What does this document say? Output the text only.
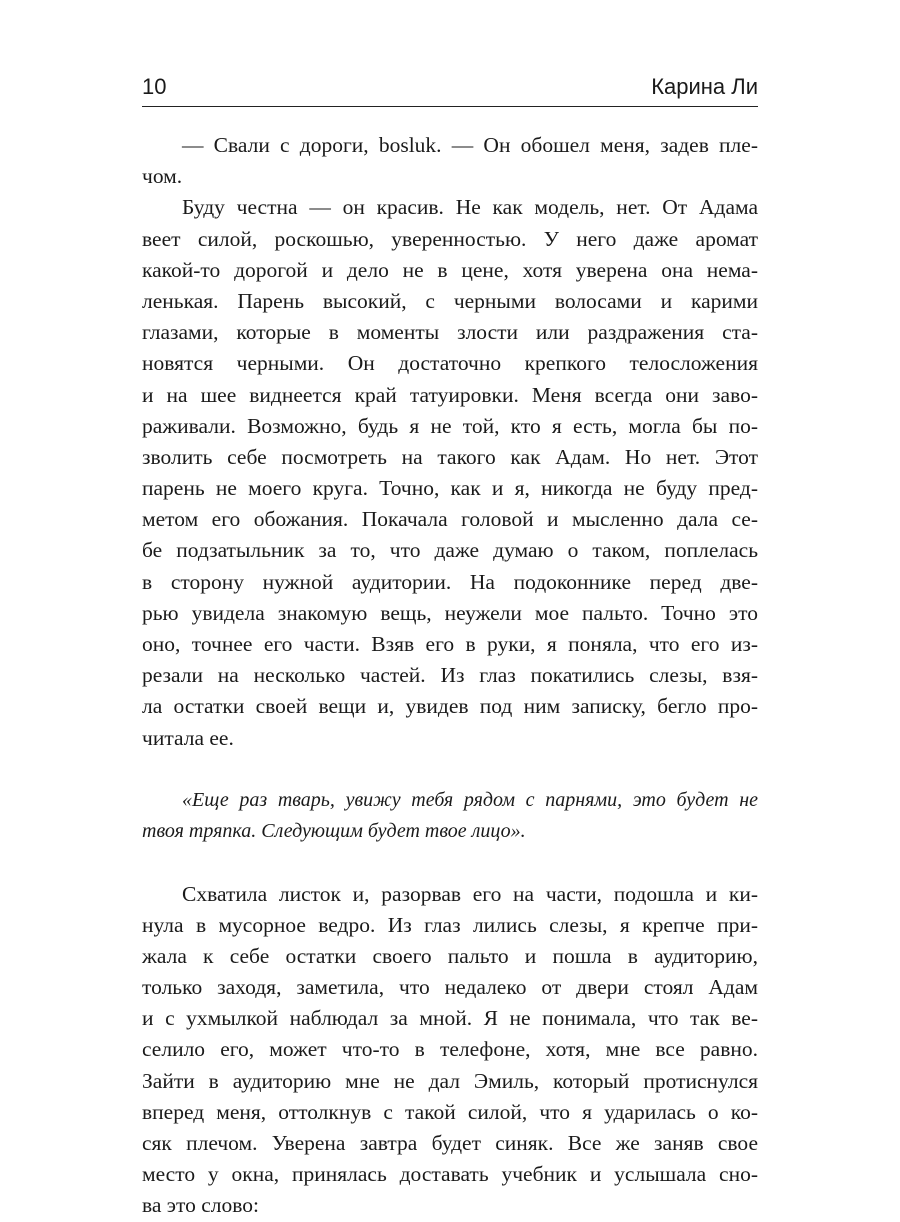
10	Карина Ли
— Свали с дороги, bosluk. — Он обошел меня, задев пле-
чом.
Буду честна — он красив. Не как модель, нет. От Адама
веет силой, роскошью, уверенностью. У него даже аромат
какой-то дорогой и дело не в цене, хотя уверена она нема-
ленькая. Парень высокий, с черными волосами и карими
глазами, которые в моменты злости или раздражения ста-
новятся черными. Он достаточно крепкого телосложения
и на шее виднеется край татуировки. Меня всегда они заво-
раживали. Возможно, будь я не той, кто я есть, могла бы по-
зволить себе посмотреть на такого как Адам. Но нет. Этот
парень не моего круга. Точно, как и я, никогда не буду пред-
метом его обожания. Покачала головой и мысленно дала се-
бе подзатыльник за то, что даже думаю о таком, поплелась
в сторону нужной аудитории. На подоконнике перед две-
рью увидела знакомую вещь, неужели мое пальто. Точно это
оно, точнее его части. Взяв его в руки, я поняла, что его из-
резали на несколько частей. Из глаз покатились слезы, взя-
ла остатки своей вещи и, увидев под ним записку, бегло про-
читала ее.
«Еще раз тварь, увижу тебя рядом с парнями, это будет не
твоя тряпка. Следующим будет твое лицо».
Схватила листок и, разорвав его на части, подошла и ки-
нула в мусорное ведро. Из глаз лились слезы, я крепче при-
жала к себе остатки своего пальто и пошла в аудиторию,
только заходя, заметила, что недалеко от двери стоял Адам
и с ухмылкой наблюдал за мной. Я не понимала, что так ве-
селило его, может что-то в телефоне, хотя, мне все равно.
Зайти в аудиторию мне не дал Эмиль, который протиснулся
вперед меня, оттолкнув с такой силой, что я ударилась о ко-
сяк плечом. Уверена завтра будет синяк. Все же заняв свое
место у окна, принялась доставать учебник и услышала сно-
ва это слово:
